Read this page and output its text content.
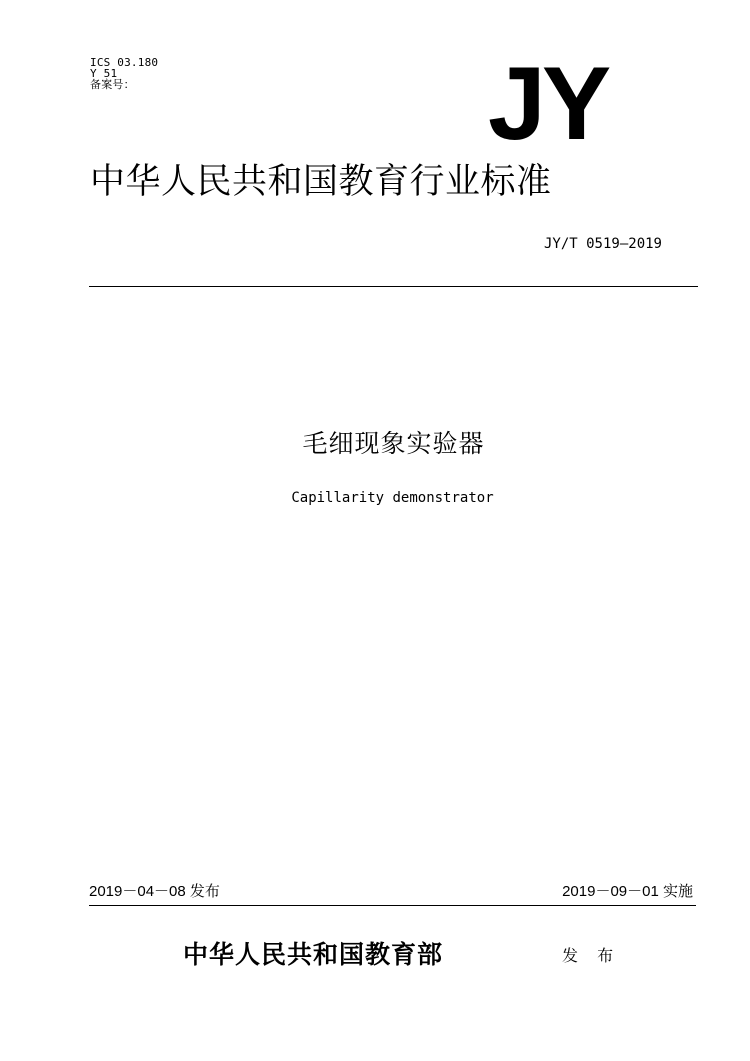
ICS 03.180
Y 51
备案号：	JY
中华人民共和国教育行业标准
JY/T 0519—2019
毛细现象实验器
Capillarity demonstrator
2019－04－08 发布	2019－09－01 实施
中华人民共和国教育部	发 布
